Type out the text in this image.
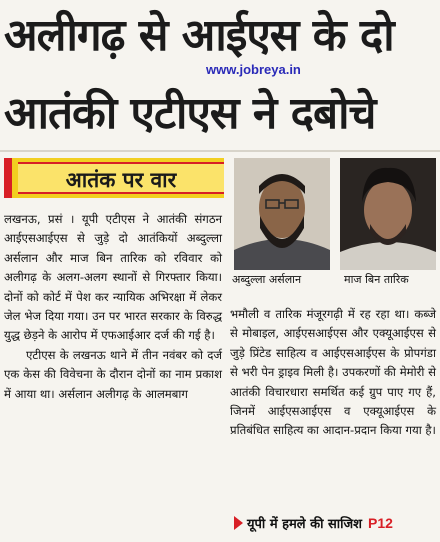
अलीगढ़ से आईएस के दो
www.jobreya.in
आतंकी एटीएस ने दबोचे
आतंक पर वार

लखनऊ, प्रसं । यूपी एटीएस ने आतंकी संगठन आईएसआईएस से जुड़े दो आतंकियों अब्दुल्ला अर्सलान और माज बिन तारिक को रविवार को अलीगढ़ के अलग-अलग स्थानों से गिरफ्तार किया। दोनों को कोर्ट में पेश कर न्यायिक अभिरक्षा में लेकर जेल भेज दिया गया। उन पर भारत सरकार के विरुद्ध युद्ध छेड़ने के आरोप में एफआईआर दर्ज की गई है।

एटीएस के लखनऊ थाने में तीन नवंबर को दर्ज एक केस की विवेचना के दौरान दोनों का नाम प्रकाश में आया था। अर्सलान अलीगढ़ के आलमबाग

अब्दुल्ला अर्सलान	माज बिन तारिक

भमौली व तारिक मंजूरगढ़ी में रह रहा था। कब्जे से मोबाइल, आईएसआईएस और एक्यूआईएस से जुड़े प्रिंटेड साहित्य व आईएसआईएस के प्रोपगंडा से भरी पेन ड्राइव मिली है। उपकरणों की मेमोरी से आतंकी विचारधारा समर्थित कई ग्रुप पाए गए हैं, जिनमें आईएसआईएस व एक्यूआईएस के प्रतिबंधित साहित्य का आदान-प्रदान किया गया है।

यूपी में हमले की साजिश P12
